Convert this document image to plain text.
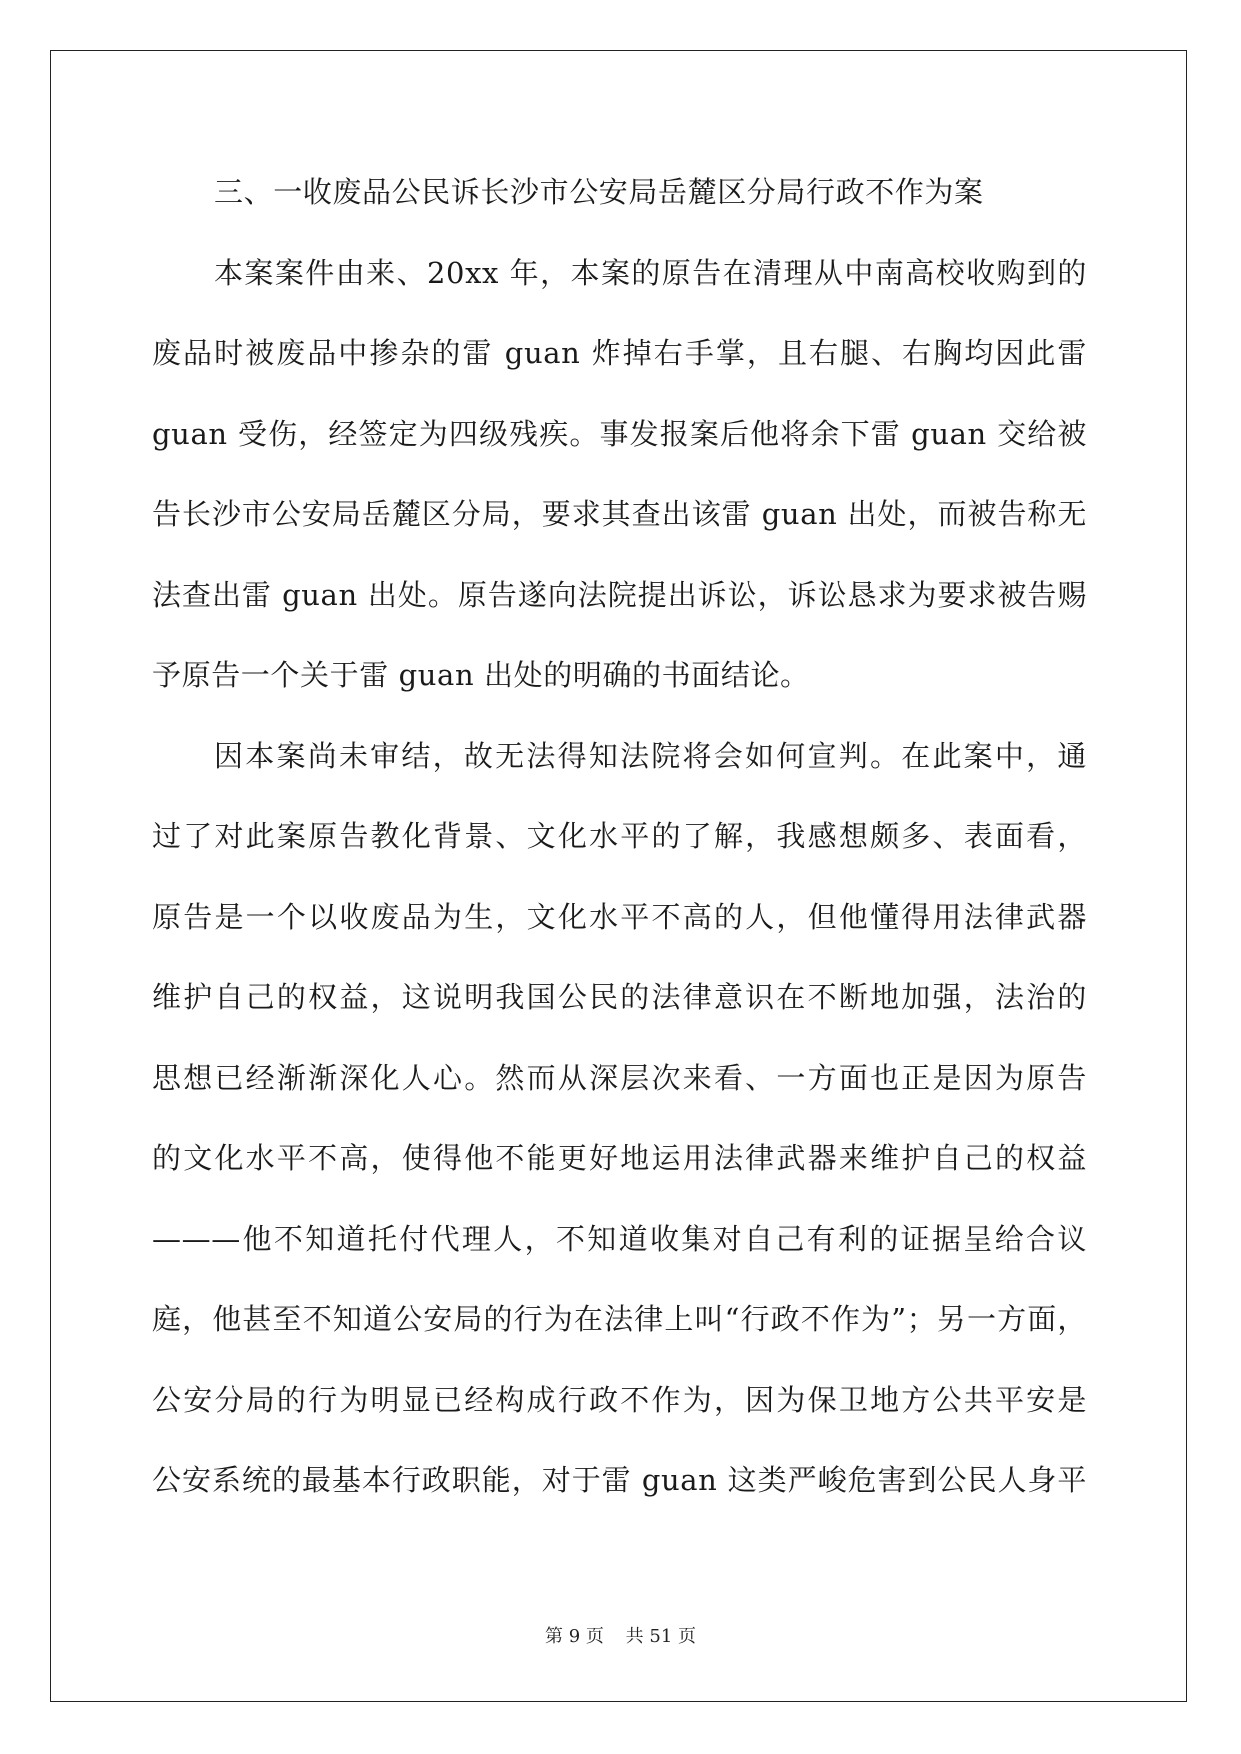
三、一收废品公民诉长沙市公安局岳麓区分局行政不作为案
本案案件由来、20xx 年，本案的原告在清理从中南高校收购到的
废品时被废品中掺杂的雷 guan 炸掉右手掌，且右腿、右胸均因此雷
guan 受伤，经签定为四级残疾。事发报案后他将余下雷 guan 交给被
告长沙市公安局岳麓区分局，要求其查出该雷 guan 出处，而被告称无
法查出雷 guan 出处。原告遂向法院提出诉讼，诉讼恳求为要求被告赐
予原告一个关于雷 guan 出处的明确的书面结论。
因本案尚未审结，故无法得知法院将会如何宣判。在此案中，通
过了对此案原告教化背景、文化水平的了解，我感想颇多、表面看，
原告是一个以收废品为生，文化水平不高的人，但他懂得用法律武器
维护自己的权益，这说明我国公民的法律意识在不断地加强，法治的
思想已经渐渐深化人心。然而从深层次来看、一方面也正是因为原告
的文化水平不高，使得他不能更好地运用法律武器来维护自己的权益
———他不知道托付代理人，不知道收集对自己有利的证据呈给合议
庭，他甚至不知道公安局的行为在法律上叫“行政不作为”；另一方面，
公安分局的行为明显已经构成行政不作为，因为保卫地方公共平安是
公安系统的最基本行政职能，对于雷 guan 这类严峻危害到公民人身平
第 9 页 共 51 页
